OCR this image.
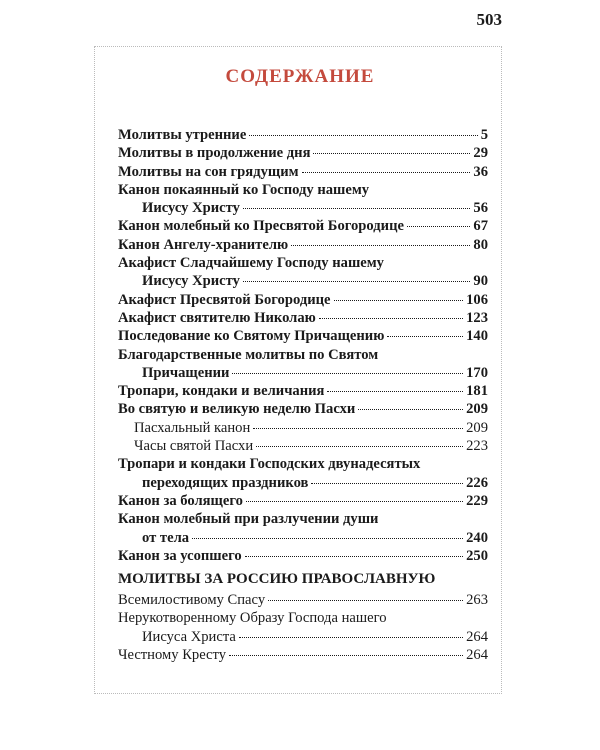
503
СОДЕРЖАНИЕ
Молитвы утренние	5
Молитвы в продолжение дня	29
Молитвы на сон грядущим	36
Канон покаянный ко Господу нашему
Иисусу Христу	56
Канон молебный ко Пресвятой Богородице	67
Канон Ангелу-хранителю	80
Акафист Сладчайшему Господу нашему
Иисусу Христу	90
Акафист Пресвятой Богородице	106
Акафист святителю Николаю	123
Последование ко Святому Причащению	140
Благодарственные молитвы по Святом
Причащении	170
Тропари, кондаки и величания	181
Во святую и великую неделю Пасхи	209
Пасхальный канон	209
Часы святой Пасхи	223
Тропари и кондаки Господских двунадесятых
переходящих праздников	226
Канон за болящего	229
Канон молебный при разлучении души
от тела	240
Канон за усопшего	250
МОЛИТВЫ ЗА РОССИЮ ПРАВОСЛАВНУЮ
Всемилостивому Спасу	263
Нерукотворенному Образу Господа нашего
Иисуса Христа	264
Честному Кресту	264
